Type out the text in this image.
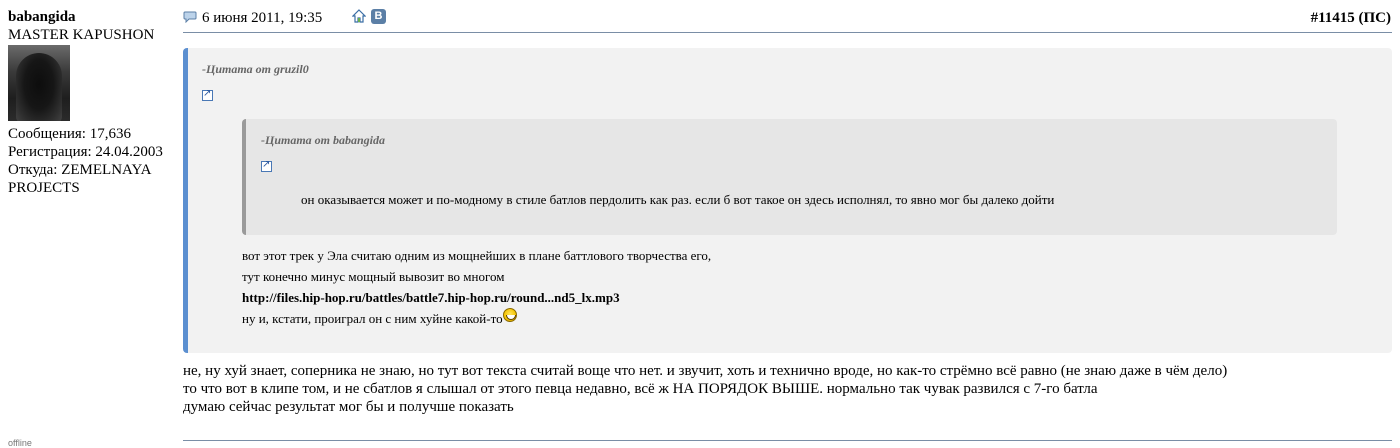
babangida
MASTER KAPUSHON
Сообщения: 17,636
Регистрация: 24.04.2003
Откуда: ZEMELNAYA PROJECTS
offline
6 июня 2011, 19:35	B	#11415 (ПС)
-Цитата от gruzil0
↗
-Цитата от babangida
↗
он оказывается может и по-модному в стиле батлов пердолить как раз. если б вот такое он здесь исполнял, то явно мог бы далеко дойти
вот этот трек у Эла считаю одним из мощнейших в плане баттлового творчества его,
тут конечно минус мощный вывозит во многом
http://files.hip-hop.ru/battles/battle7.hip-hop.ru/round...nd5_lx.mp3
ну и, кстати, проиграл он с ним хуйне какой-то
не, ну хуй знает, соперника не знаю, но тут вот текста считай воще что нет. и звучит, хоть и технично вроде, но как-то стрёмно всё равно (не знаю даже в чём дело)
то что вот в клипе том, и не сбатлов я слышал от этого певца недавно, всё ж НА ПОРЯДОК ВЫШЕ. нормально так чувак развился с 7-го батла
думаю сейчас результат мог бы и получше показать
